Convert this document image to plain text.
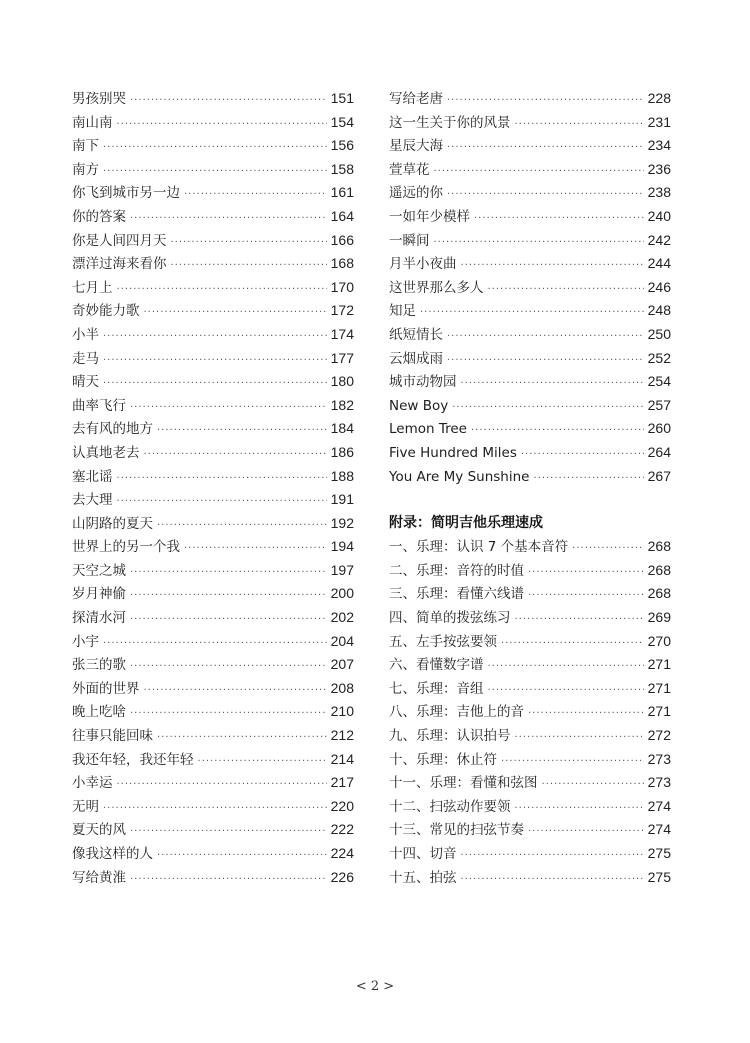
男孩别哭 ·····	151
南山南 ·····	154
南下 ·····	156
南方 ·····	158
你飞到城市另一边 ·····	161
你的答案 ·····	164
你是人间四月天 ·····	166
漂洋过海来看你 ·····	168
七月上 ·····	170
奇妙能力歌 ·····	172
小半 ·····	174
走马 ·····	177
晴天 ·····	180
曲率飞行 ·····	182
去有风的地方 ·····	184
认真地老去 ·····	186
塞北谣 ·····	188
去大理 ·····	191
山阴路的夏天 ·····	192
世界上的另一个我 ·····	194
天空之城 ·····	197
岁月神偷 ·····	200
探清水河 ·····	202
小宇 ·····	204
张三的歌 ·····	207
外面的世界 ·····	208
晚上吃啥 ·····	210
往事只能回味 ·····	212
我还年轻，我还年轻 ·····	214
小幸运 ·····	217
无明 ·····	220
夏天的风 ·····	222
像我这样的人 ·····	224
写给黄淮 ·····	226
写给老唐 ·····	228
这一生关于你的风景 ·····	231
星辰大海 ·····	234
萱草花 ·····	236
遥远的你 ·····	238
一如年少模样 ·····	240
一瞬间 ·····	242
月半小夜曲 ·····	244
这世界那么多人 ·····	246
知足 ·····	248
纸短情长 ·····	250
云烟成雨 ·····	252
城市动物园 ·····	254
New Boy ·····	257
Lemon Tree ·····	260
Five Hundred Miles ·····	264
You Are My Sunshine ·····	267
附录：简明吉他乐理速成
一、乐理：认识 7 个基本音符 ·····	268
二、乐理：音符的时值 ·····	268
三、乐理：看懂六线谱 ·····	268
四、简单的拨弦练习 ·····	269
五、左手按弦要领 ·····	270
六、看懂数字谱 ·····	271
七、乐理：音组 ·····	271
八、乐理：吉他上的音 ·····	271
九、乐理：认识拍号 ·····	272
十、乐理：休止符 ·····	273
十一、乐理：看懂和弦图 ·····	273
十二、扫弦动作要领 ·····	274
十三、常见的扫弦节奏 ·····	274
十四、切音 ·····	275
十五、拍弦 ·····	275
< 2 >
